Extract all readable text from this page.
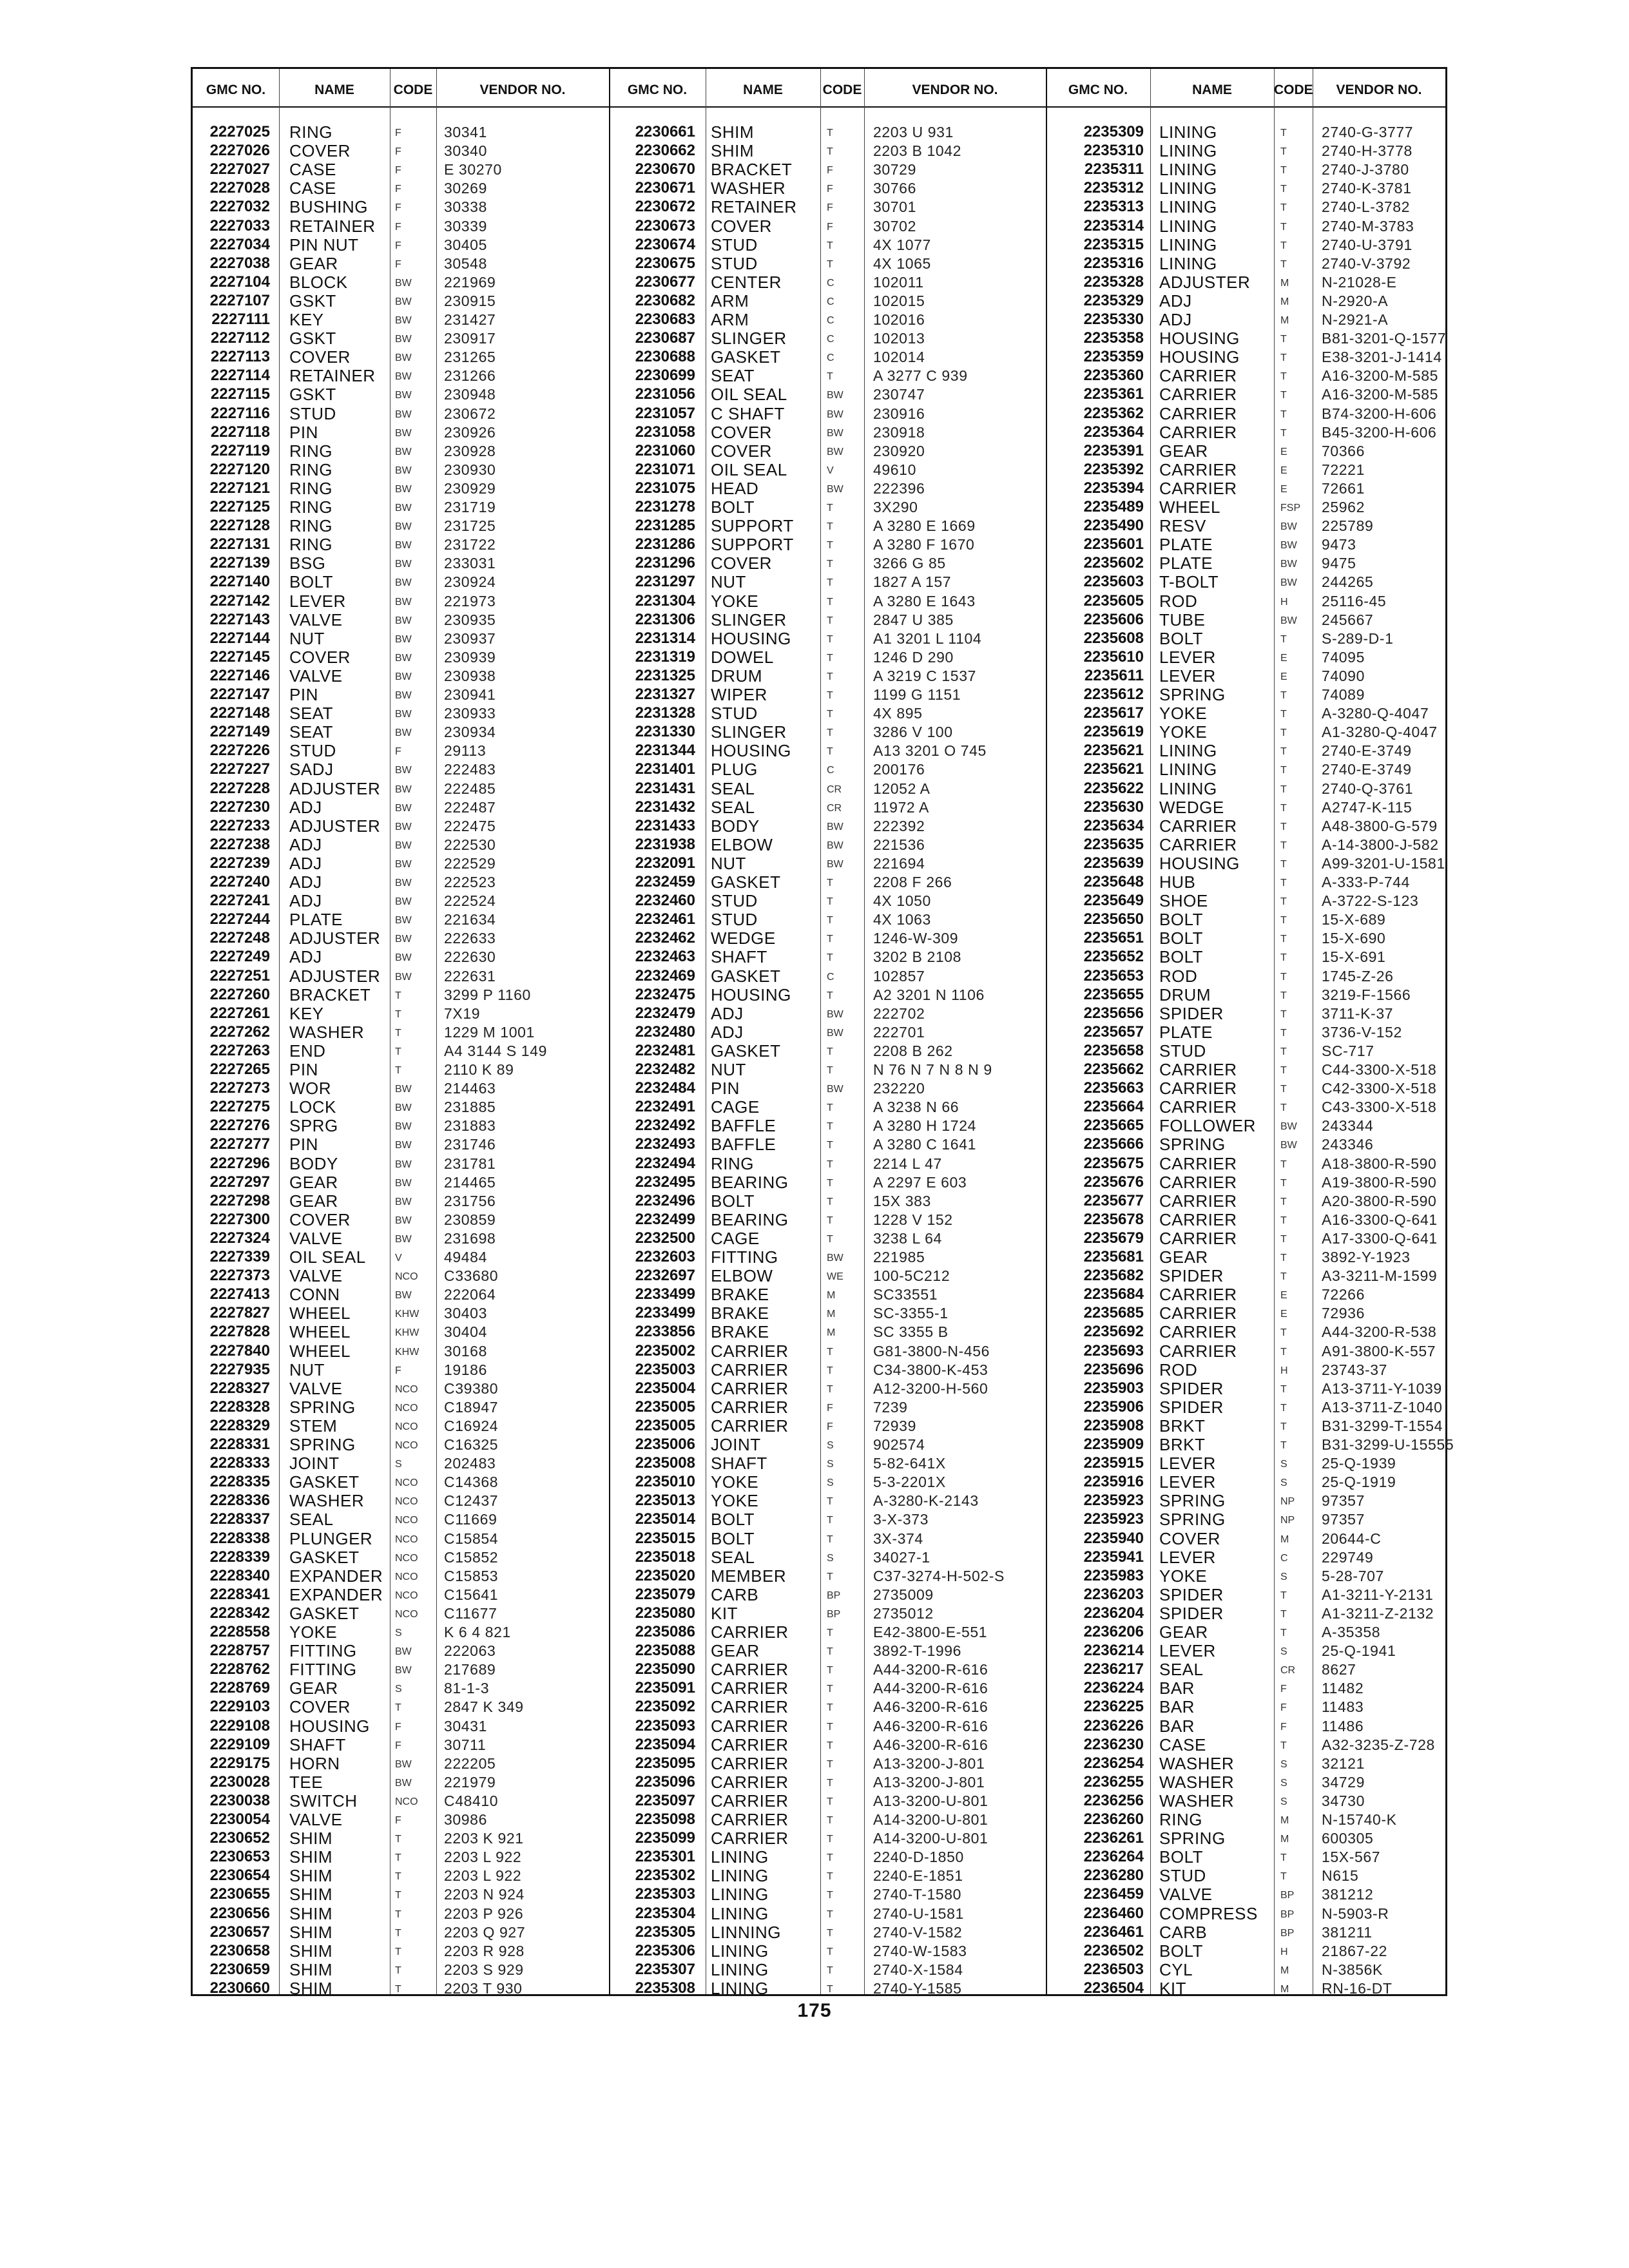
GMC NO.	NAME	CODE	VENDOR NO.	GMC NO.	NAME	CODE	VENDOR NO.	GMC NO.	NAME	CODE	VENDOR NO.
2227025 RING	F	30341
2227026 COVER	F	30340
2227027 CASE	F	E 30270
2227028 CASE	F	30269
2227032 BUSHING	F	30338
2227033 RETAINER F	30339
2227034 PIN NUT	F	30405
2227038 GEAR	F	30548
2227104 BLOCK	BW 221969
2227107 GSKT	BW 230915
2227111 KEY	BW 231427
2227112 GSKT	BW 230917
2227113 COVER	BW 231265
2227114 RETAINER BW 231266
2227115 GSKT	BW 230948
2227116 STUD	BW 230672
2227118 PIN	BW 230926
2227119 RING	BW 230928
2227120 RING	BW 230930
2227121 RING	BW 230929
2227125 RING	BW 231719
2227128 RING	BW 231725
2227131 RING	BW 231722
2227139 BSG	BW 233031
2227140 BOLT	BW 230924
2227142 LEVER	BW 221973
2227143 VALVE	BW 230935
2227144 NUT	BW 230937
2227145 COVER	BW 230939
2227146 VALVE	BW 230938
2227147 PIN	BW 230941
2227148 SEAT	BW 230933
2227149 SEAT	BW 230934
2227226 STUD	F	29113
2227227 SADJ	BW 222483
2227228 ADJUSTER BW 222485
2227230 ADJ	BW 222487
2227233 ADJUSTER BW 222475
2227238 ADJ	BW 222530
2227239 ADJ	BW 222529
2227240 ADJ	BW 222523
2227241 ADJ	BW 222524
2227244 PLATE	BW 221634
2227248 ADJUSTER BW 222633
2227249 ADJ	BW 222630
2227251 ADJUSTER BW 222631
2227260 BRACKET T	3299 P 1160
2227261 KEY	T	7X19
2227262 WASHER	T	1229 M 1001
2227263 END	T	A4 3144 S 149
2227265 PIN	T	2110 K 89
2227273 WOR	BW 214463
2227275 LOCK	BW 231885
2227276 SPRG	BW 231883
2227277 PIN	BW 231746
2227296 BODY	BW 231781
2227297 GEAR	BW 214465
2227298 GEAR	BW 231756
2227300 COVER	BW 230859
2227324 VALVE	BW 231698
2227339 OIL SEAL	V	49484
2227373 VALVE	NCO C33680
2227413 CONN	BW 222064
2227827 WHEEL	KHW 30403
2227828 WHEEL	KHW 30404
2227840 WHEEL	KHW 30168
2227935 NUT	F	19186
2228327 VALVE	NCO C39380
2228328 SPRING	NCO C18947
2228329 STEM	NCO C16924
2228331 SPRING	NCO C16325
2228333 JOINT	S	202483
2228335 GASKET	NCO C14368
2228336 WASHER	NCO C12437
2228337 SEAL	NCO C11669
2228338 PLUNGER NCO C15854
2228339 GASKET	NCO C15852
2228340 EXPANDER NCO C15853
2228341 EXPANDER NCO C15641
2228342 GASKET	NCO C11677
2228558 YOKE	S	K 6 4 821
2228757 FITTING	BW 222063
2228762 FITTING	BW 217689
2228769 GEAR	S	81-1-3
2229103 COVER	T	2847 K 349
2229108 HOUSING F	30431
2229109 SHAFT	F	30711
2229175 HORN	BW 222205
2230028 TEE	BW 221979
2230038 SWITCH	NCO C48410
2230054 VALVE	F	30986
2230652 SHIM	T	2203 K 921
2230653 SHIM	T	2203 L 922
2230654 SHIM	T	2203 L 922
2230655 SHIM	T	2203 N 924
2230656 SHIM	T	2203 P 926
2230657 SHIM	T	2203 Q 927
2230658 SHIM	T	2203 R 928
2230659 SHIM	T	2203 S 929
2230660 SHIM	T	2203 T 930
2230661 SHIM	T	2203 U 931
2230662 SHIM	T	2203 B 1042
2230670 BRACKET	F	30729
2230671 WASHER	F	30766
2230672 RETAINER	F	30701
2230673 COVER	F	30702
2230674 STUD	T	4X 1077
2230675 STUD	T	4X 1065
2230677 CENTER	C	102011
2230682 ARM	C	102015
2230683 ARM	C	102016
2230687 SLINGER	C	102013
2230688 GASKET	C	102014
2230699 SEAT	T	A 3277 C 939
2231056 OIL SEAL	BW 230747
2231057 C SHAFT	BW 230916
2231058 COVER	BW 230918
2231060 COVER	BW 230920
2231071 OIL SEAL	V	49610
2231075 HEAD	BW 222396
2231278 BOLT	T	3X290
2231285 SUPPORT	T	A 3280 E 1669
2231286 SUPPORT	T	A 3280 F 1670
2231296 COVER	T	3266 G 85
2231297 NUT	T	1827 A 157
2231304 YOKE	T	A 3280 E 1643
2231306 SLINGER	T	2847 U 385
2231314 HOUSING	T	A1 3201 L 1104
2231319 DOWEL	T	1246 D 290
2231325 DRUM	T	A 3219 C 1537
2231327 WIPER	T	1199 G 1151
2231328 STUD	T	4X 895
2231330 SLINGER	T	3286 V 100
2231344 HOUSING	T	A13 3201 O 745
2231401 PLUG	C	200176
2231431 SEAL	CR 12052 A
2231432 SEAL	CR 11972 A
2231433 BODY	BW 222392
2231938 ELBOW	BW 221536
2232091 NUT	BW 221694
2232459 GASKET	T	2208 F 266
2232460 STUD	T	4X 1050
2232461 STUD	T	4X 1063
2232462 WEDGE	T	1246-W-309
2232463 SHAFT	T	3202 B 2108
2232469 GASKET	C	102857
2232475 HOUSING	T	A2 3201 N 1106
2232479 ADJ	BW 222702
2232480 ADJ	BW 222701
2232481 GASKET	T	2208 B 262
2232482 NUT	T	N 76 N 7 N 8 N 9
2232484 PIN	BW 232220
2232491 CAGE	T	A 3238 N 66
2232492 BAFFLE	T	A 3280 H 1724
2232493 BAFFLE	T	A 3280 C 1641
2232494 RING	T	2214 L 47
2232495 BEARING	T	A 2297 E 603
2232496 BOLT	T	15X 383
2232499 BEARING	T	1228 V 152
2232500 CAGE	T	3238 L 64
2232603 FITTING	BW 221985
2232697 ELBOW	WE 100-5C212
2233499 BRAKE	M	SC33551
2233499 BRAKE	M	SC-3355-1
2233856 BRAKE	M	SC 3355 B
2235002 CARRIER	T	G81-3800-N-456
2235003 CARRIER	T	C34-3800-K-453
2235004 CARRIER	T	A12-3200-H-560
2235005 CARRIER	F	7239
2235005 CARRIER	F	72939
2235006 JOINT	S	902574
2235008 SHAFT	S	5-82-641X
2235010 YOKE	S	5-3-2201X
2235013 YOKE	T	A-3280-K-2143
2235014 BOLT	T	3-X-373
2235015 BOLT	T	3X-374
2235018 SEAL	S	34027-1
2235020 MEMBER	T	C37-3274-H-502-S
2235079 CARB	BP 2735009
2235080 KIT	BP 2735012
2235086 CARRIER	T	E42-3800-E-551
2235088 GEAR	T	3892-T-1996
2235090 CARRIER	T	A44-3200-R-616
2235091 CARRIER	T	A44-3200-R-616
2235092 CARRIER	T	A46-3200-R-616
2235093 CARRIER	T	A46-3200-R-616
2235094 CARRIER	T	A46-3200-R-616
2235095 CARRIER	T	A13-3200-J-801
2235096 CARRIER	T	A13-3200-J-801
2235097 CARRIER	T	A13-3200-U-801
2235098 CARRIER	T	A14-3200-U-801
2235099 CARRIER	T	A14-3200-U-801
2235301 LINING	T	2240-D-1850
2235302 LINING	T	2240-E-1851
2235303 LINING	T	2740-T-1580
2235304 LINING	T	2740-U-1581
2235305 LINNING	T	2740-V-1582
2235306 LINING	T	2740-W-1583
2235307 LINING	T	2740-X-1584
2235308 LINING	T	2740-Y-1585
2235309 LINING	T 2740-G-3777
2235310 LINING	T 2740-H-3778
2235311 LINING	T 2740-J-3780
2235312 LINING	T 2740-K-3781
2235313 LINING	T 2740-L-3782
2235314 LINING	T 2740-M-3783
2235315 LINING	T 2740-U-3791
2235316 LINING	T 2740-V-3792
2235328 ADJUSTER	M N-21028-E
2235329 ADJ	M N-2920-A
2235330 ADJ	M N-2921-A
2235358 HOUSING	T B81-3201-Q-1577
2235359 HOUSING	T E38-3201-J-1414
2235360 CARRIER	T A16-3200-M-585
2235361 CARRIER	T A16-3200-M-585
2235362 CARRIER	T B74-3200-H-606
2235364 CARRIER	T B45-3200-H-606
2235391 GEAR	E 70366
2235392 CARRIER	E 72221
2235394 CARRIER	E 72661
2235489 WHEEL	FSP 25962
2235490 RESV	BW 225789
2235601 PLATE	BW 9473
2235602 PLATE	BW 9475
2235603 T-BOLT	BW 244265
2235605 ROD	H 25116-45
2235606 TUBE	BW 245667
2235608 BOLT	T S-289-D-1
2235610 LEVER	E 74095
2235611 LEVER	E 74090
2235612 SPRING	T 74089
2235617 YOKE	T A-3280-Q-4047
2235619 YOKE	T A1-3280-Q-4047
2235621 LINING	T 2740-E-3749
2235621 LINING	T 2740-E-3749
2235622 LINING	T 2740-Q-3761
2235630 WEDGE	T A2747-K-115
2235634 CARRIER	T A48-3800-G-579
2235635 CARRIER	T A-14-3800-J-582
2235639 HOUSING	T A99-3201-U-1581
2235648 HUB	T A-333-P-744
2235649 SHOE	T A-3722-S-123
2235650 BOLT	T 15-X-689
2235651 BOLT	T 15-X-690
2235652 BOLT	T 15-X-691
2235653 ROD	T 1745-Z-26
2235655 DRUM	T 3219-F-1566
2235656 SPIDER	T 3711-K-37
2235657 PLATE	T 3736-V-152
2235658 STUD	T SC-717
2235662 CARRIER	T C44-3300-X-518
2235663 CARRIER	T C42-3300-X-518
2235664 CARRIER	T C43-3300-X-518
2235665 FOLLOWER BW 243344
2235666 SPRING	BW 243346
2235675 CARRIER	T A18-3800-R-590
2235676 CARRIER	T A19-3800-R-590
2235677 CARRIER	T A20-3800-R-590
2235678 CARRIER	T A16-3300-Q-641
2235679 CARRIER	T A17-3300-Q-641
2235681 GEAR	T 3892-Y-1923
2235682 SPIDER	T A3-3211-M-1599
2235684 CARRIER	E 72266
2235685 CARRIER	E 72936
2235692 CARRIER	T A44-3200-R-538
2235693 CARRIER	T A91-3800-K-557
2235696 ROD	H 23743-37
2235903 SPIDER	T A13-3711-Y-1039
2235906 SPIDER	T A13-3711-Z-1040
2235908 BRKT	T B31-3299-T-1554
2235909 BRKT	T B31-3299-U-15555
2235915 LEVER	S 25-Q-1939
2235916 LEVER	S 25-Q-1919
2235923 SPRING	NP 97357
2235923 SPRING	NP 97357
2235940 COVER	M 20644-C
2235941 LEVER	C 229749
2235983 YOKE	S 5-28-707
2236203 SPIDER	T A1-3211-Y-2131
2236204 SPIDER	T A1-3211-Z-2132
2236206 GEAR	T A-35358
2236214 LEVER	S 25-Q-1941
2236217 SEAL	CR 8627
2236224 BAR	F 11482
2236225 BAR	F 11483
2236226 BAR	F 11486
2236230 CASE	T A32-3235-Z-728
2236254 WASHER	S 32121
2236255 WASHER	S 34729
2236256 WASHER	S 34730
2236260 RING	M N-15740-K
2236261 SPRING	M 600305
2236264 BOLT	T 15X-567
2236280 STUD	T N615
2236459 VALVE	BP 381212
2236460 COMPRESS BP N-5903-R
2236461 CARB	BP 381211
2236502 BOLT	H 21867-22
2236503 CYL	M N-3856K
2236504 KIT	M RN-16-DT
175
